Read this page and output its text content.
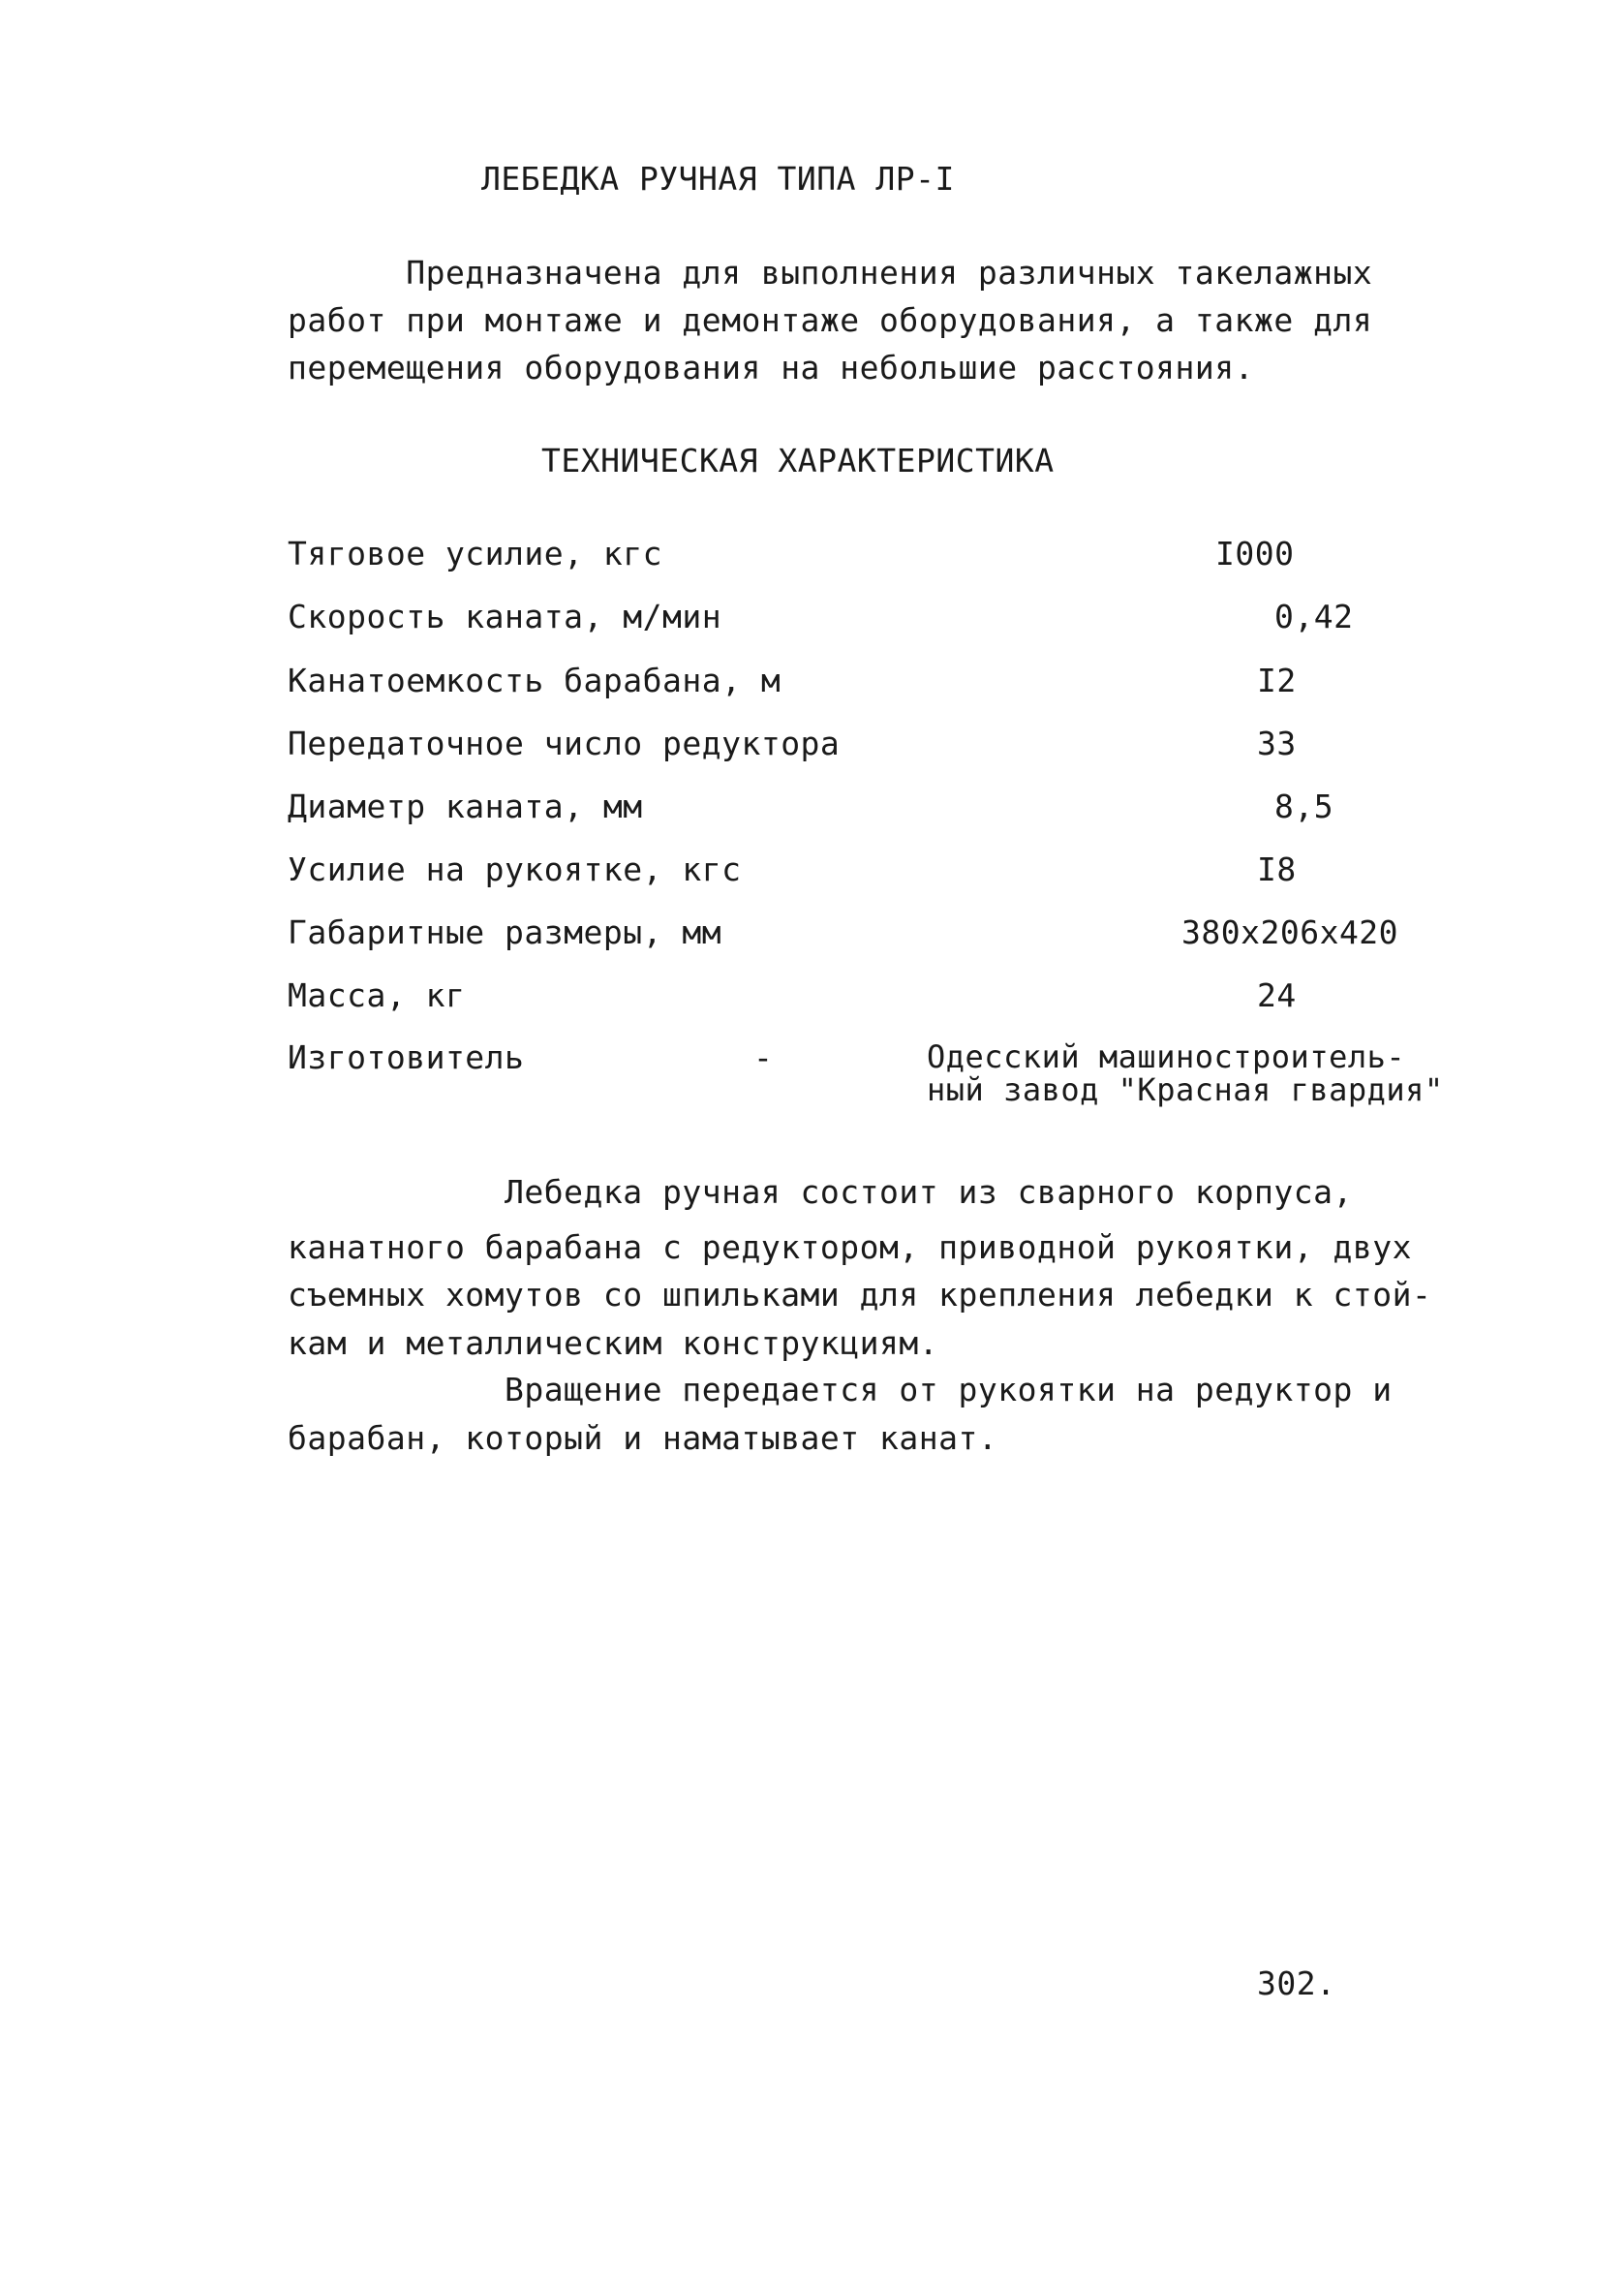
ЛЕБЕДКА РУЧНАЯ ТИПА ЛР-I
Предназначена для выполнения различных такелажных
работ при монтаже и демонтаже оборудования, а также для
перемещения оборудования на небольшие расстояния.
ТЕХНИЧЕСКАЯ ХАРАКТЕРИСТИКА
Тяговое усилие, кгс	I000
Скорость каната, м/мин	0,42
Канатоемкость барабана, м	I2
Передаточное число редуктора	33
Диаметр каната, мм	8,5
Усилие на рукоятке, кгс	I8
Габаритные размеры, мм	380х206х420
Масса, кг	24
Изготовитель	-	Одесский машиностроитель-
ный завод "Красная гвардия"
Лебедка ручная состоит из сварного корпуса,
канатного барабана с редуктором, приводной рукоятки, двух
съемных хомутов со шпильками для крепления лебедки к стой-
кам и металлическим конструкциям.
Вращение передается от рукоятки на редуктор и
барабан, который и наматывает канат.
302.
